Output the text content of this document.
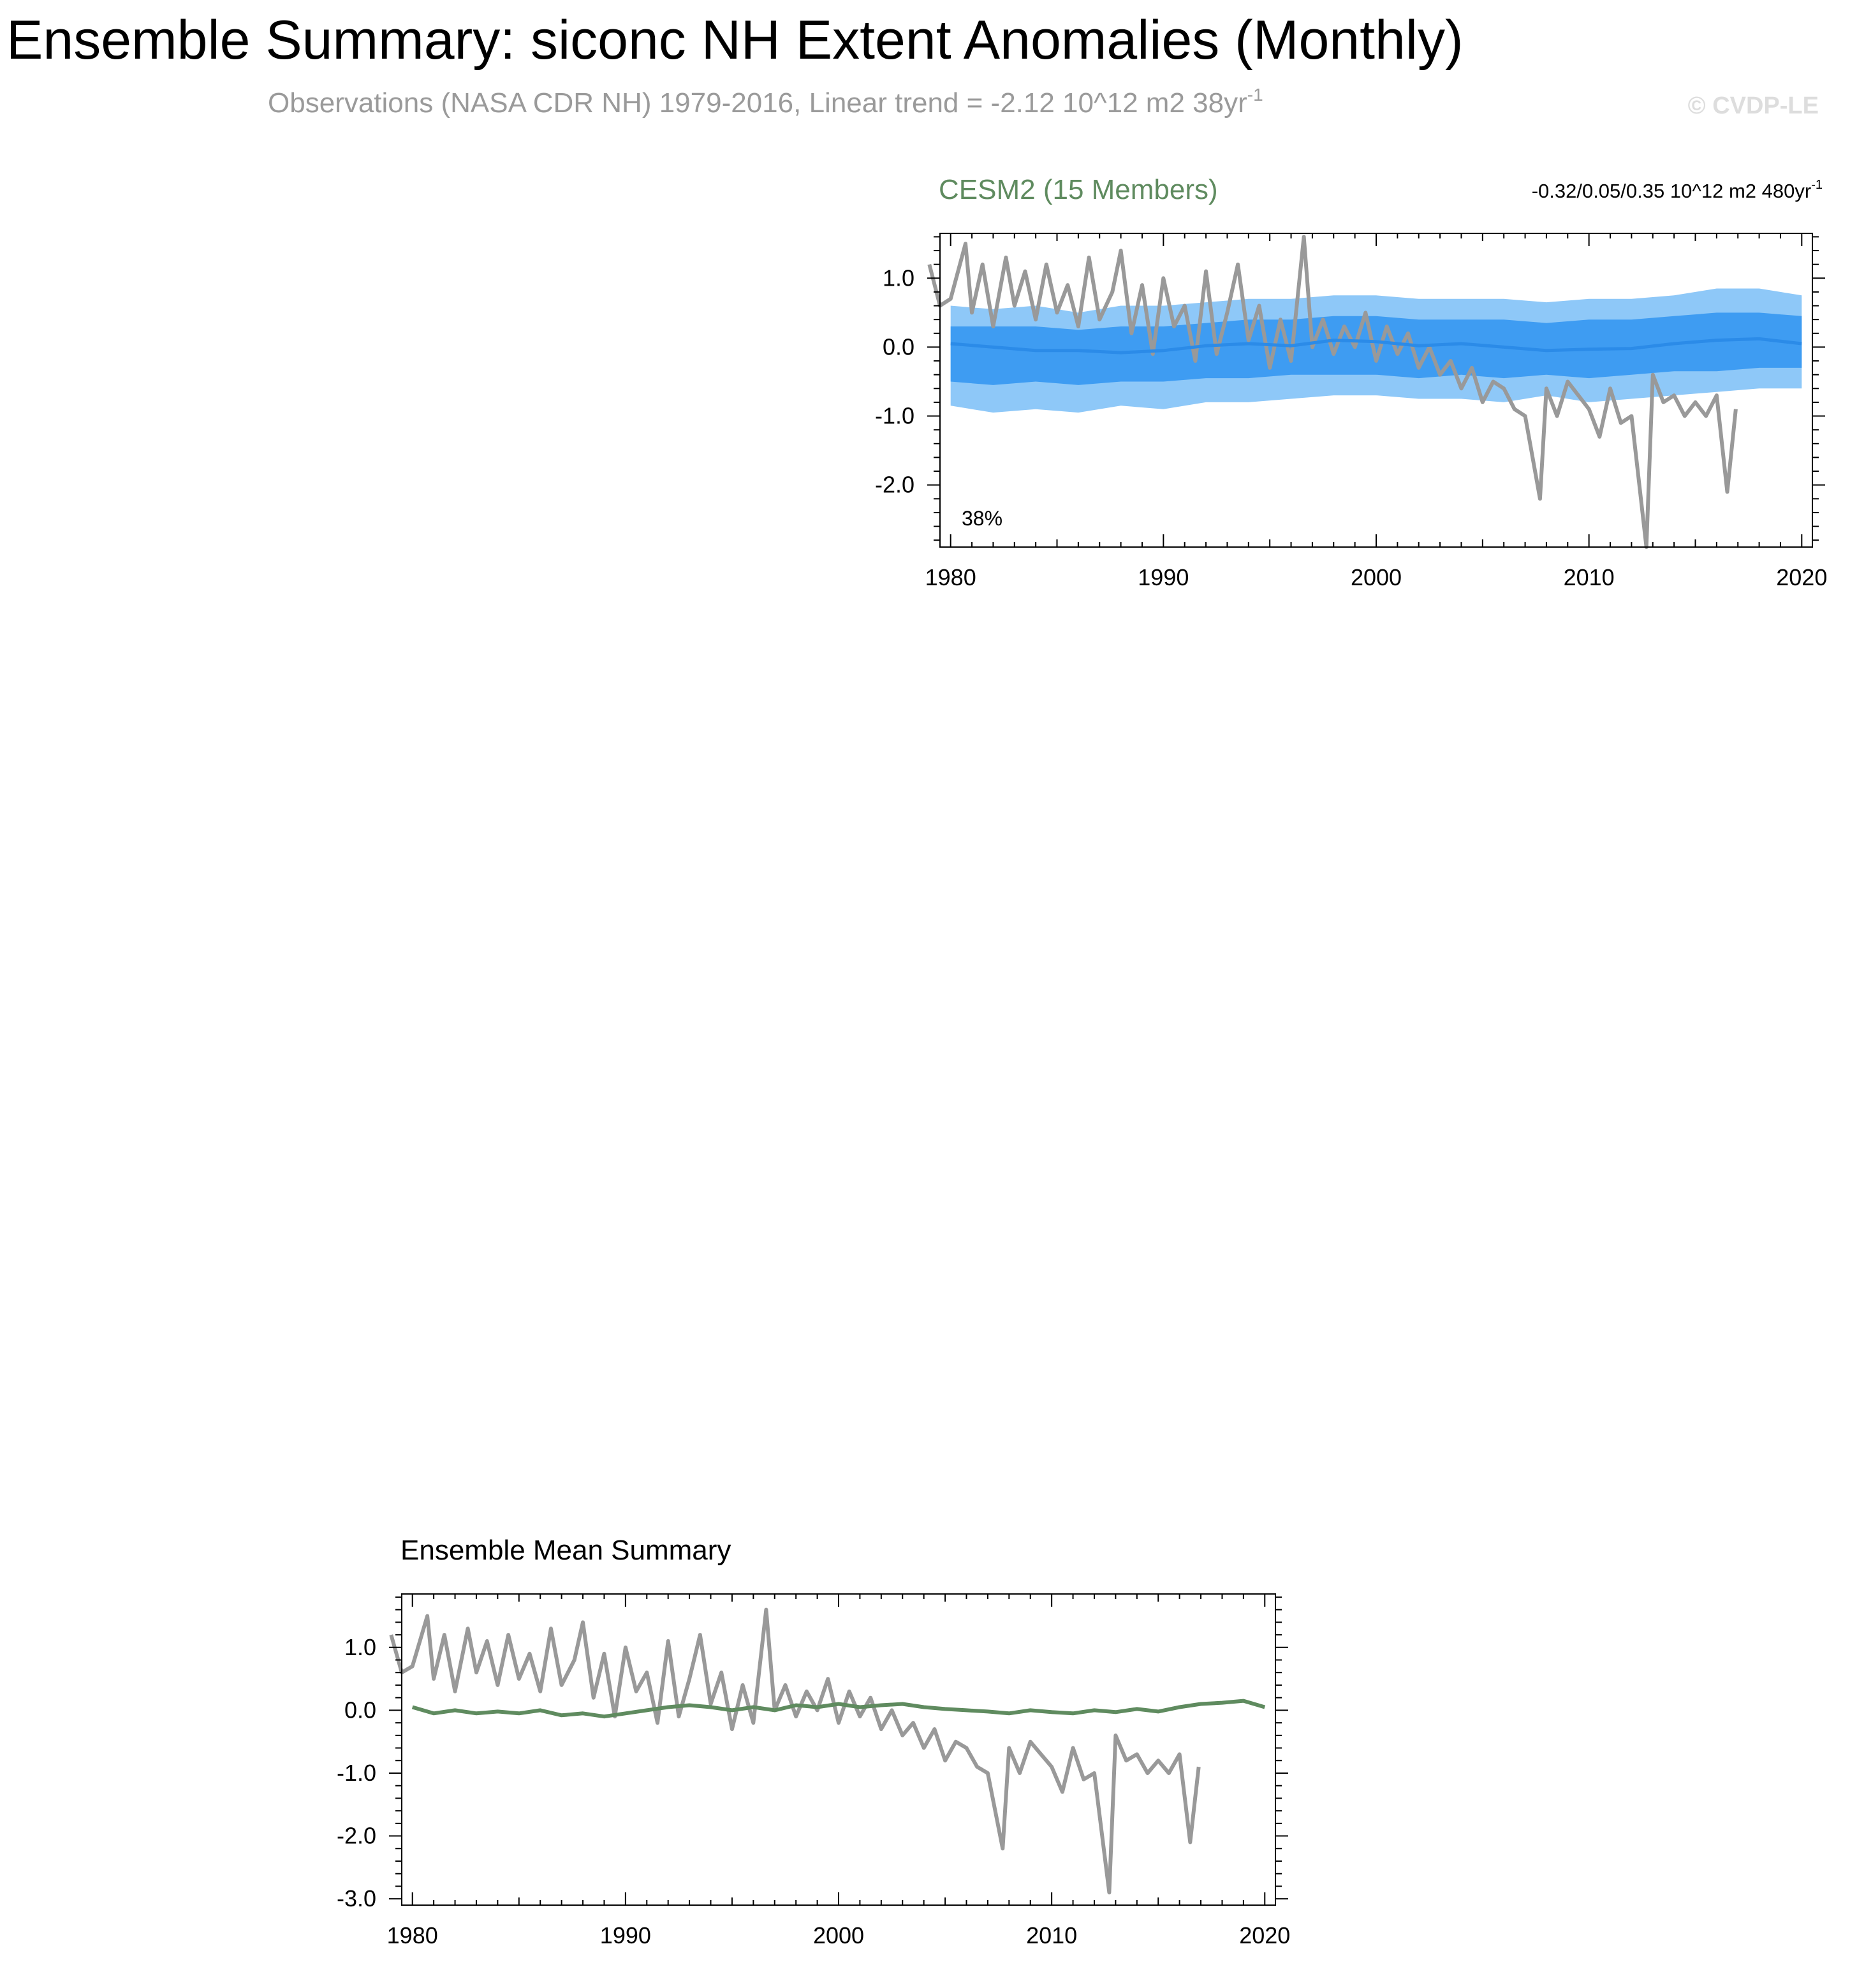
Ensemble Summary: siconc NH Extent Anomalies (Monthly)
Observations (NASA CDR NH) 1979-2016, Linear trend = -2.12 10^12 m2 $38yr^{-1}$	© CVDP-LE
CESM2 (15 Members)	-0.32/0.05/0.35 10^12 m2 $480yr^{-1}$
1980	1990	2000	2010	2020
1.0
0.0
-1.0
-2.0
38%
Ensemble Mean Summary
1980	1990	2000	2010	2020
1.0
0.0
-1.0
-2.0
-3.0
